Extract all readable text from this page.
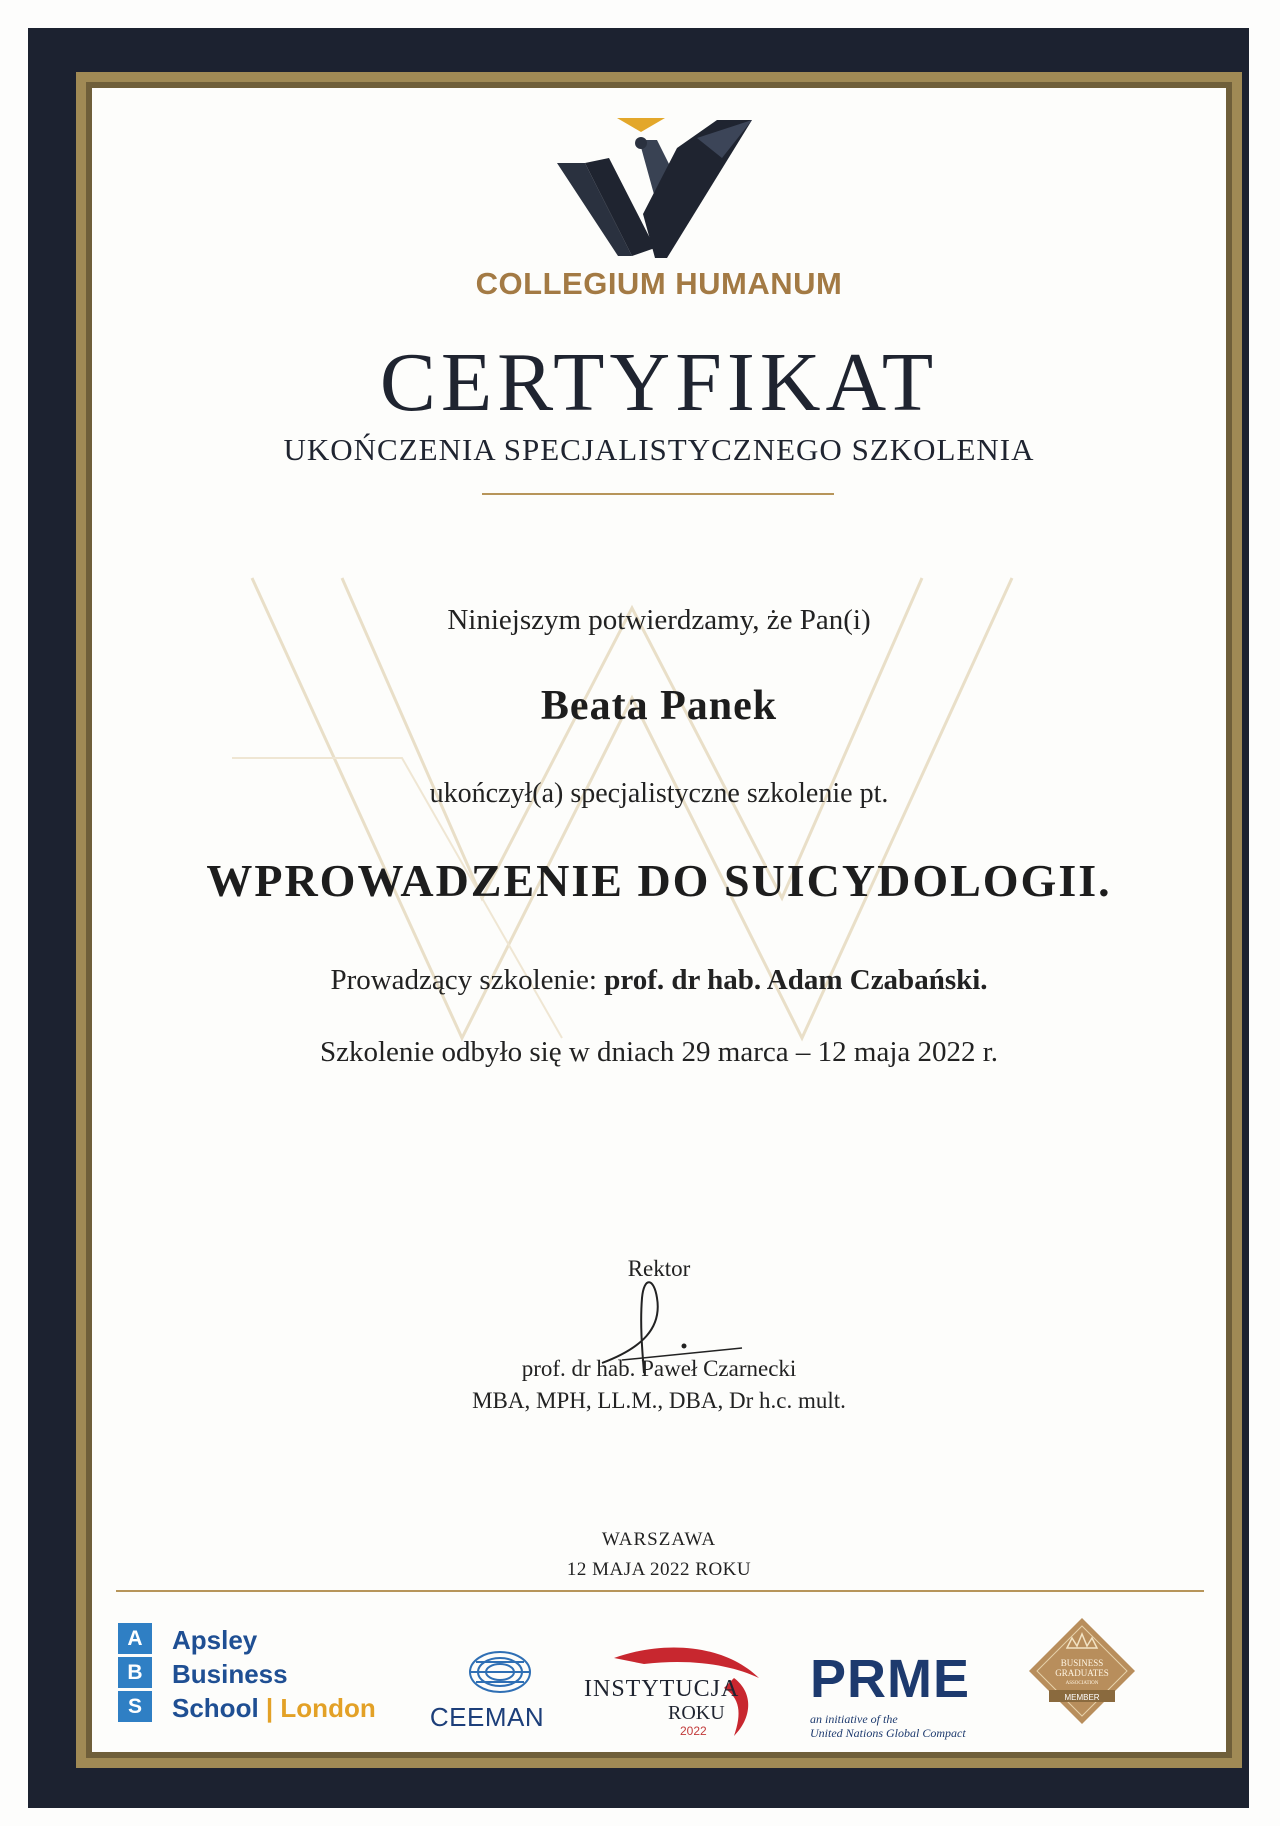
COLLEGIUM HUMANUM
CERTYFIKAT
UKOŃCZENIA SPECJALISTYCZNEGO SZKOLENIA
Niniejszym potwierdzamy, że Pan(i)
Beata Panek
ukończył(a) specjalistyczne szkolenie pt.
WPROWADZENIE DO SUICYDOLOGII.
Prowadzący szkolenie: prof. dr hab. Adam Czabański.
Szkolenie odbyło się w dniach 29 marca – 12 maja 2022 r.
Rektor
prof. dr hab. Paweł Czarnecki
MBA, MPH, LL.M., DBA, Dr h.c. mult.
WARSZAWA
12 MAJA 2022 ROKU
A
B
S
Apsley
Business
School | London	CEEMAN
INSTYTUCJA
ROKU
2022
PRME
an initiative of the
United Nations Global Compact
BUSINESS
GRADUATES
ASSOCIATION
MEMBER
